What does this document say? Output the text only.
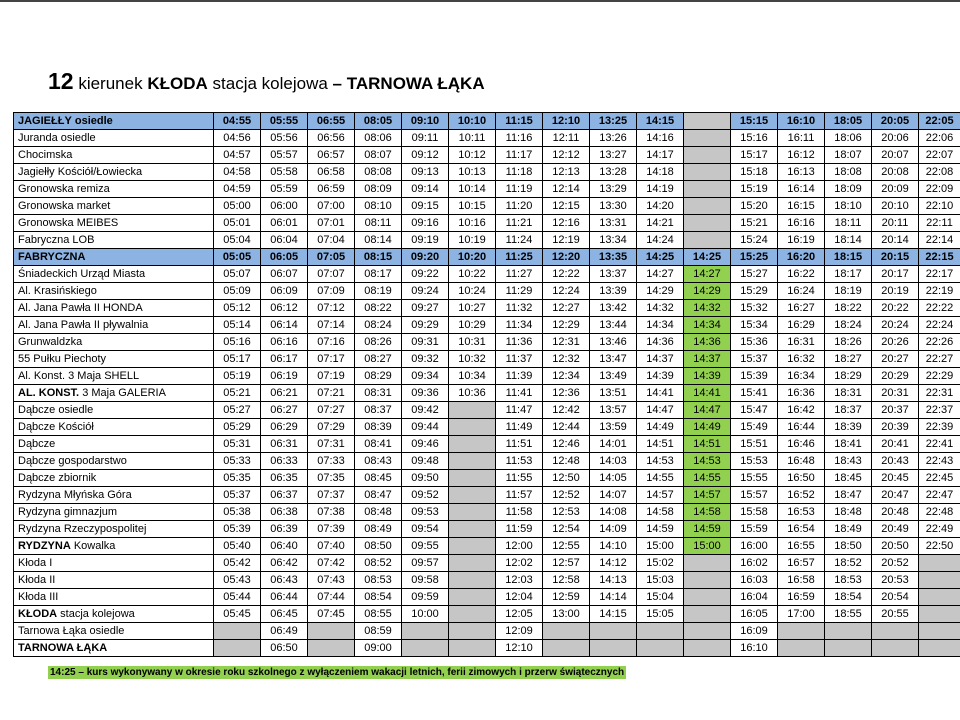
12 kierunek KŁODA stacja kolejowa – TARNOWA ŁĄKA
JAGIEŁŁY osiedle	04:55	05:55	06:55	08:05	09:10	10:10	11:15	12:10	13:25	14:15		15:15	16:10	18:05	20:05	22:05
Juranda osiedle	04:56	05:56	06:56	08:06	09:11	10:11	11:16	12:11	13:26	14:16		15:16	16:11	18:06	20:06	22:06
Chocimska	04:57	05:57	06:57	08:07	09:12	10:12	11:17	12:12	13:27	14:17		15:17	16:12	18:07	20:07	22:07
Jagiełły Kościół/Łowiecka	04:58	05:58	06:58	08:08	09:13	10:13	11:18	12:13	13:28	14:18		15:18	16:13	18:08	20:08	22:08
Gronowska remiza	04:59	05:59	06:59	08:09	09:14	10:14	11:19	12:14	13:29	14:19		15:19	16:14	18:09	20:09	22:09
Gronowska market	05:00	06:00	07:00	08:10	09:15	10:15	11:20	12:15	13:30	14:20		15:20	16:15	18:10	20:10	22:10
Gronowska MEIBES	05:01	06:01	07:01	08:11	09:16	10:16	11:21	12:16	13:31	14:21		15:21	16:16	18:11	20:11	22:11
Fabryczna LOB	05:04	06:04	07:04	08:14	09:19	10:19	11:24	12:19	13:34	14:24		15:24	16:19	18:14	20:14	22:14
FABRYCZNA	05:05	06:05	07:05	08:15	09:20	10:20	11:25	12:20	13:35	14:25	14:25	15:25	16:20	18:15	20:15	22:15
Śniadeckich Urząd Miasta	05:07	06:07	07:07	08:17	09:22	10:22	11:27	12:22	13:37	14:27	14:27	15:27	16:22	18:17	20:17	22:17
Al. Krasińskiego	05:09	06:09	07:09	08:19	09:24	10:24	11:29	12:24	13:39	14:29	14:29	15:29	16:24	18:19	20:19	22:19
Al. Jana Pawła II HONDA	05:12	06:12	07:12	08:22	09:27	10:27	11:32	12:27	13:42	14:32	14:32	15:32	16:27	18:22	20:22	22:22
Al. Jana Pawła II pływalnia	05:14	06:14	07:14	08:24	09:29	10:29	11:34	12:29	13:44	14:34	14:34	15:34	16:29	18:24	20:24	22:24
Grunwaldzka	05:16	06:16	07:16	08:26	09:31	10:31	11:36	12:31	13:46	14:36	14:36	15:36	16:31	18:26	20:26	22:26
55 Pułku Piechoty	05:17	06:17	07:17	08:27	09:32	10:32	11:37	12:32	13:47	14:37	14:37	15:37	16:32	18:27	20:27	22:27
Al. Konst. 3 Maja SHELL	05:19	06:19	07:19	08:29	09:34	10:34	11:39	12:34	13:49	14:39	14:39	15:39	16:34	18:29	20:29	22:29
AL. KONST. 3 Maja GALERIA	05:21	06:21	07:21	08:31	09:36	10:36	11:41	12:36	13:51	14:41	14:41	15:41	16:36	18:31	20:31	22:31
Dąbcze osiedle	05:27	06:27	07:27	08:37	09:42		11:47	12:42	13:57	14:47	14:47	15:47	16:42	18:37	20:37	22:37
Dąbcze Kościół	05:29	06:29	07:29	08:39	09:44		11:49	12:44	13:59	14:49	14:49	15:49	16:44	18:39	20:39	22:39
Dąbcze	05:31	06:31	07:31	08:41	09:46		11:51	12:46	14:01	14:51	14:51	15:51	16:46	18:41	20:41	22:41
Dąbcze gospodarstwo	05:33	06:33	07:33	08:43	09:48		11:53	12:48	14:03	14:53	14:53	15:53	16:48	18:43	20:43	22:43
Dąbcze zbiornik	05:35	06:35	07:35	08:45	09:50		11:55	12:50	14:05	14:55	14:55	15:55	16:50	18:45	20:45	22:45
Rydzyna Młyńska Góra	05:37	06:37	07:37	08:47	09:52		11:57	12:52	14:07	14:57	14:57	15:57	16:52	18:47	20:47	22:47
Rydzyna gimnazjum	05:38	06:38	07:38	08:48	09:53		11:58	12:53	14:08	14:58	14:58	15:58	16:53	18:48	20:48	22:48
Rydzyna Rzeczypospolitej	05:39	06:39	07:39	08:49	09:54		11:59	12:54	14:09	14:59	14:59	15:59	16:54	18:49	20:49	22:49
RYDZYNA Kowalka	05:40	06:40	07:40	08:50	09:55		12:00	12:55	14:10	15:00	15:00	16:00	16:55	18:50	20:50	22:50
Kłoda I	05:42	06:42	07:42	08:52	09:57		12:02	12:57	14:12	15:02		16:02	16:57	18:52	20:52	
Kłoda II	05:43	06:43	07:43	08:53	09:58		12:03	12:58	14:13	15:03		16:03	16:58	18:53	20:53	
Kłoda III	05:44	06:44	07:44	08:54	09:59		12:04	12:59	14:14	15:04		16:04	16:59	18:54	20:54	
KŁODA stacja kolejowa	05:45	06:45	07:45	08:55	10:00		12:05	13:00	14:15	15:05		16:05	17:00	18:55	20:55	
Tarnowa Łąka osiedle		06:49		08:59			12:09					16:09				
TARNOWA ŁĄKA		06:50		09:00			12:10					16:10				
14:25 – kurs wykonywany w okresie roku szkolnego z wyłączeniem wakacji letnich, ferii zimowych i przerw świątecznych
